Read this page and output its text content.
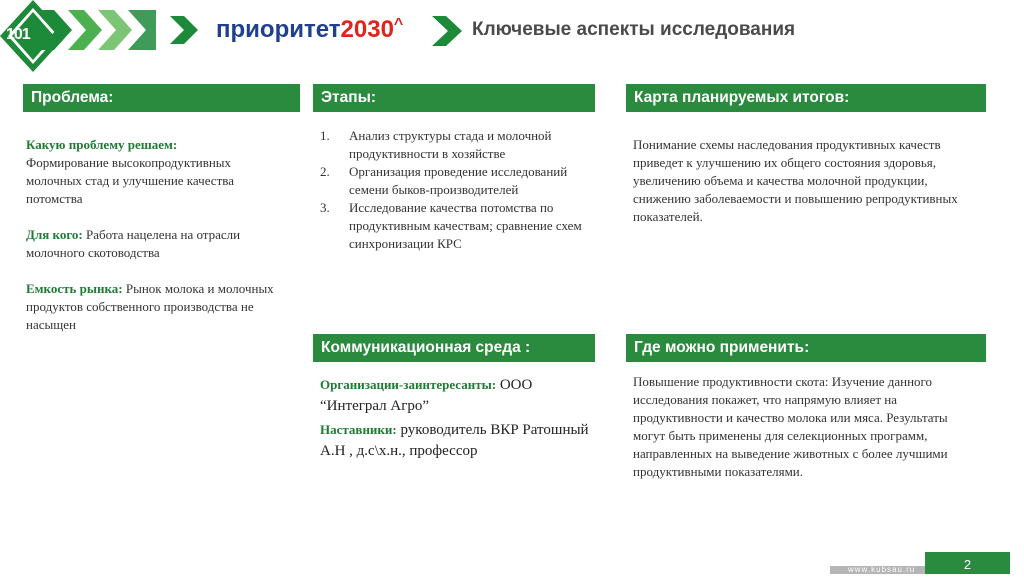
101	приоритет2030^	Ключевые аспекты исследования
Проблема:
Какую проблему решаем:
Формирование высокопродуктивных молочных стад и улучшение качества потомства
Для кого: Работа нацелена на отрасли молочного скотоводства
Емкость рынка: Рынок молока и молочных продуктов собственного производства не насыщен
Этапы:
1. Анализ структуры стада и молочной продуктивности в хозяйстве
2. Организация проведение исследований семени быков-производителей
3. Исследование качества потомства по продуктивным качествам; сравнение схем синхронизации КРС
Коммуникационная среда :
Организации-заинтересанты: ООО “Интеграл Агро”
Наставники: руководитель ВКР Ратошный А.Н , д.с\х.н., профессор
Карта планируемых итогов:
Понимание схемы наследования продуктивных качеств приведет к улучшению их общего состояния здоровья, увеличению объема и качества молочной продукции, снижению заболеваемости и повышению репродуктивных показателей.
Где можно применить:
Повышение продуктивности скота: Изучение данного исследования покажет, что напрямую влияет на продуктивности и качество молока или мяса. Результаты могут быть применены для селекционных программ, направленных на выведение животных с более лучшими продуктивными показателями.
www.kubsau.ru	2
